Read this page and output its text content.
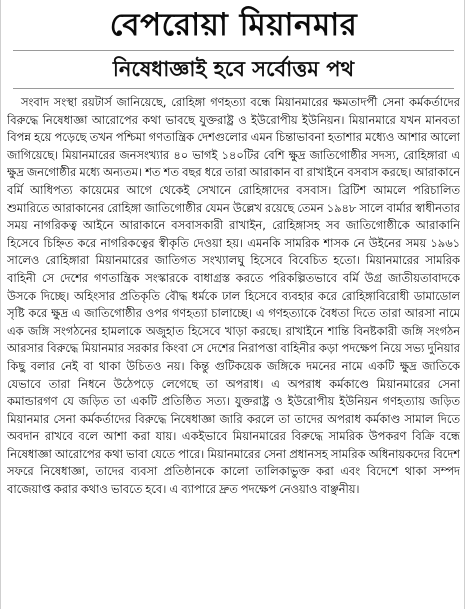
বেপরোয়া মিয়ানমার
নিষেধাজ্ঞাই হবে সর্বোত্তম পথ

সংবাদ সংস্থা রয়টার্স জানিয়েছে, রোহিঙ্গা গণহত্যা বন্ধে মিয়ানমারের ক্ষমতাদর্পী সেনা কর্মকর্তাদের বিরুদ্ধে নিষেধাজ্ঞা আরোপের কথা ভাবছে যুক্তরাষ্ট্র ও ইউরোপীয় ইউনিয়ন। মিয়ানমারে যখন মানবতা বিপন্ন হয়ে পড়েছে তখন পশ্চিমা গণতান্ত্রিক দেশগুলোর এমন চিন্তাভাবনা হতাশার মধ্যেও আশার আলো জাগিয়েছে। মিয়ানমারের জনসংখ্যার ৪০ ভাগই ১৪০টির বেশি ক্ষুদ্র জাতিগোষ্ঠীর সদস্য, রোহিঙ্গারা এ ক্ষুদ্র জনগোষ্ঠীর মধ্যে অন্যতম। শত শত বছর ধরে তারা আরাকান বা রাখাইনে বসবাস করছে। আরাকানে বর্মি আধিপত্য কায়েমের আগে থেকেই সেখানে রোহিঙ্গাদের বসবাস। ব্রিটিশ আমলে পরিচালিত শুমারিতে আরাকানের রোহিঙ্গা জাতিগোষ্ঠীর যেমন উল্লেখ রয়েছে তেমন ১৯৪৮ সালে বার্মার স্বাধীনতার সময় নাগরিকত্ব আইনে আরাকানে বসবাসকারী রাখাইন, রোহিঙ্গাসহ সব জাতিগোষ্ঠীকে আরাকানি হিসেবে চিহ্নিত করে নাগরিকত্বের স্বীকৃতি দেওয়া হয়। এমনকি সামরিক শাসক নে উইনের সময় ১৯৬১ সালেও রোহিঙ্গারা মিয়ানমারের জাতিগত সংখ্যালঘু হিসেবে বিবেচিত হতো। মিয়ানমারের সামরিক বাহিনী সে দেশের গণতান্ত্রিক সংস্কারকে বাধাগ্রস্ত করতে পরিকল্পিতভাবে বর্মি উগ্র জাতীয়তাবাদকে উসকে দিচ্ছে। অহিংসার প্রতিকৃতি বৌদ্ধ ধর্মকে ঢাল হিসেবে ব্যবহার করে রোহিঙ্গাবিরোধী ডামাডোল সৃষ্টি করে ক্ষুদ্র এ জাতিগোষ্ঠীর ওপর গণহত্যা চালাচ্ছে। এ গণহত্যাকে বৈধতা দিতে তারা আরসা নামে এক জঙ্গি সংগঠনের হামলাকে অজুহাত হিসেবে খাড়া করছে। রাখাইনে শান্তি বিনষ্টকারী জঙ্গি সংগঠন আরসার বিরুদ্ধে মিয়ানমার সরকার কিংবা সে দেশের নিরাপত্তা বাহিনীর কড়া পদক্ষেপ নিয়ে সভ্য দুনিয়ার কিছু বলার নেই বা থাকা উচিতও নয়। কিন্তু গুটিকয়েক জঙ্গিকে দমনের নামে একটি ক্ষুদ্র জাতিকে যেভাবে তারা নিধনে উঠেপড়ে লেগেছে তা অপরাধ। এ অপরাধ কর্মকাণ্ডে মিয়ানমারের সেনা কমান্ডারগণ যে জড়িত তা একটি প্রতিষ্ঠিত সত্য। যুক্তরাষ্ট্র ও ইউরোপীয় ইউনিয়ন গণহত্যায় জড়িত মিয়ানমার সেনা কর্মকর্তাদের বিরুদ্ধে নিষেধাজ্ঞা জারি করলে তা তাদের অপরাধ কর্মকাণ্ড সামাল দিতে অবদান রাখবে বলে আশা করা যায়। একইভাবে মিয়ানমারের বিরুদ্ধে সামরিক উপকরণ বিক্রি বন্ধে নিষেধাজ্ঞা আরোপের কথা ভাবা যেতে পারে। মিয়ানমারের সেনা প্রধানসহ সামরিক অধিনায়কদের বিদেশ সফরে নিষেধাজ্ঞা, তাদের ব্যবসা প্রতিষ্ঠানকে কালো তালিকাভুক্ত করা এবং বিদেশে থাকা সম্পদ বাজেয়াপ্ত করার কথাও ভাবতে হবে। এ ব্যাপারে দ্রুত পদক্ষেপ নেওয়াও বাঞ্ছনীয়।
